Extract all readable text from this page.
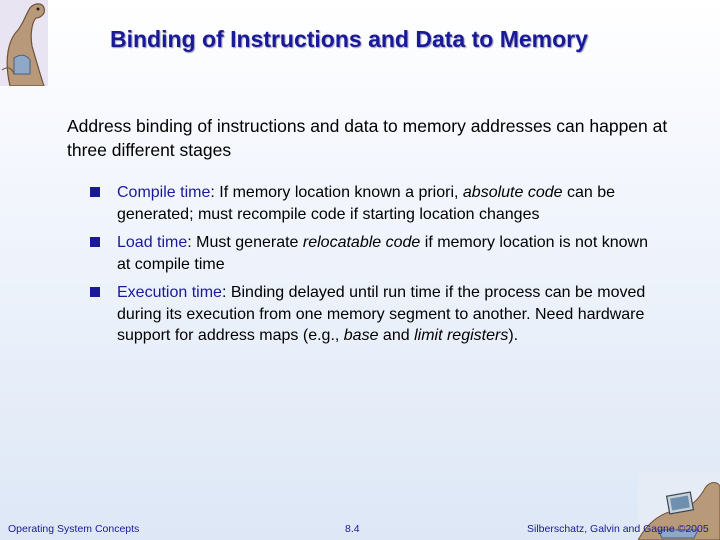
Binding of Instructions and Data to Memory
Address binding of instructions and data to memory addresses can happen at three different stages
Compile time: If memory location known a priori, absolute code can be generated; must recompile code if starting location changes
Load time: Must generate relocatable code if memory location is not known at compile time
Execution time: Binding delayed until run time if the process can be moved during its execution from one memory segment to another. Need hardware support for address maps (e.g., base and limit registers).
Operating System Concepts	8.4	Silberschatz, Galvin and Gagne ©2005
